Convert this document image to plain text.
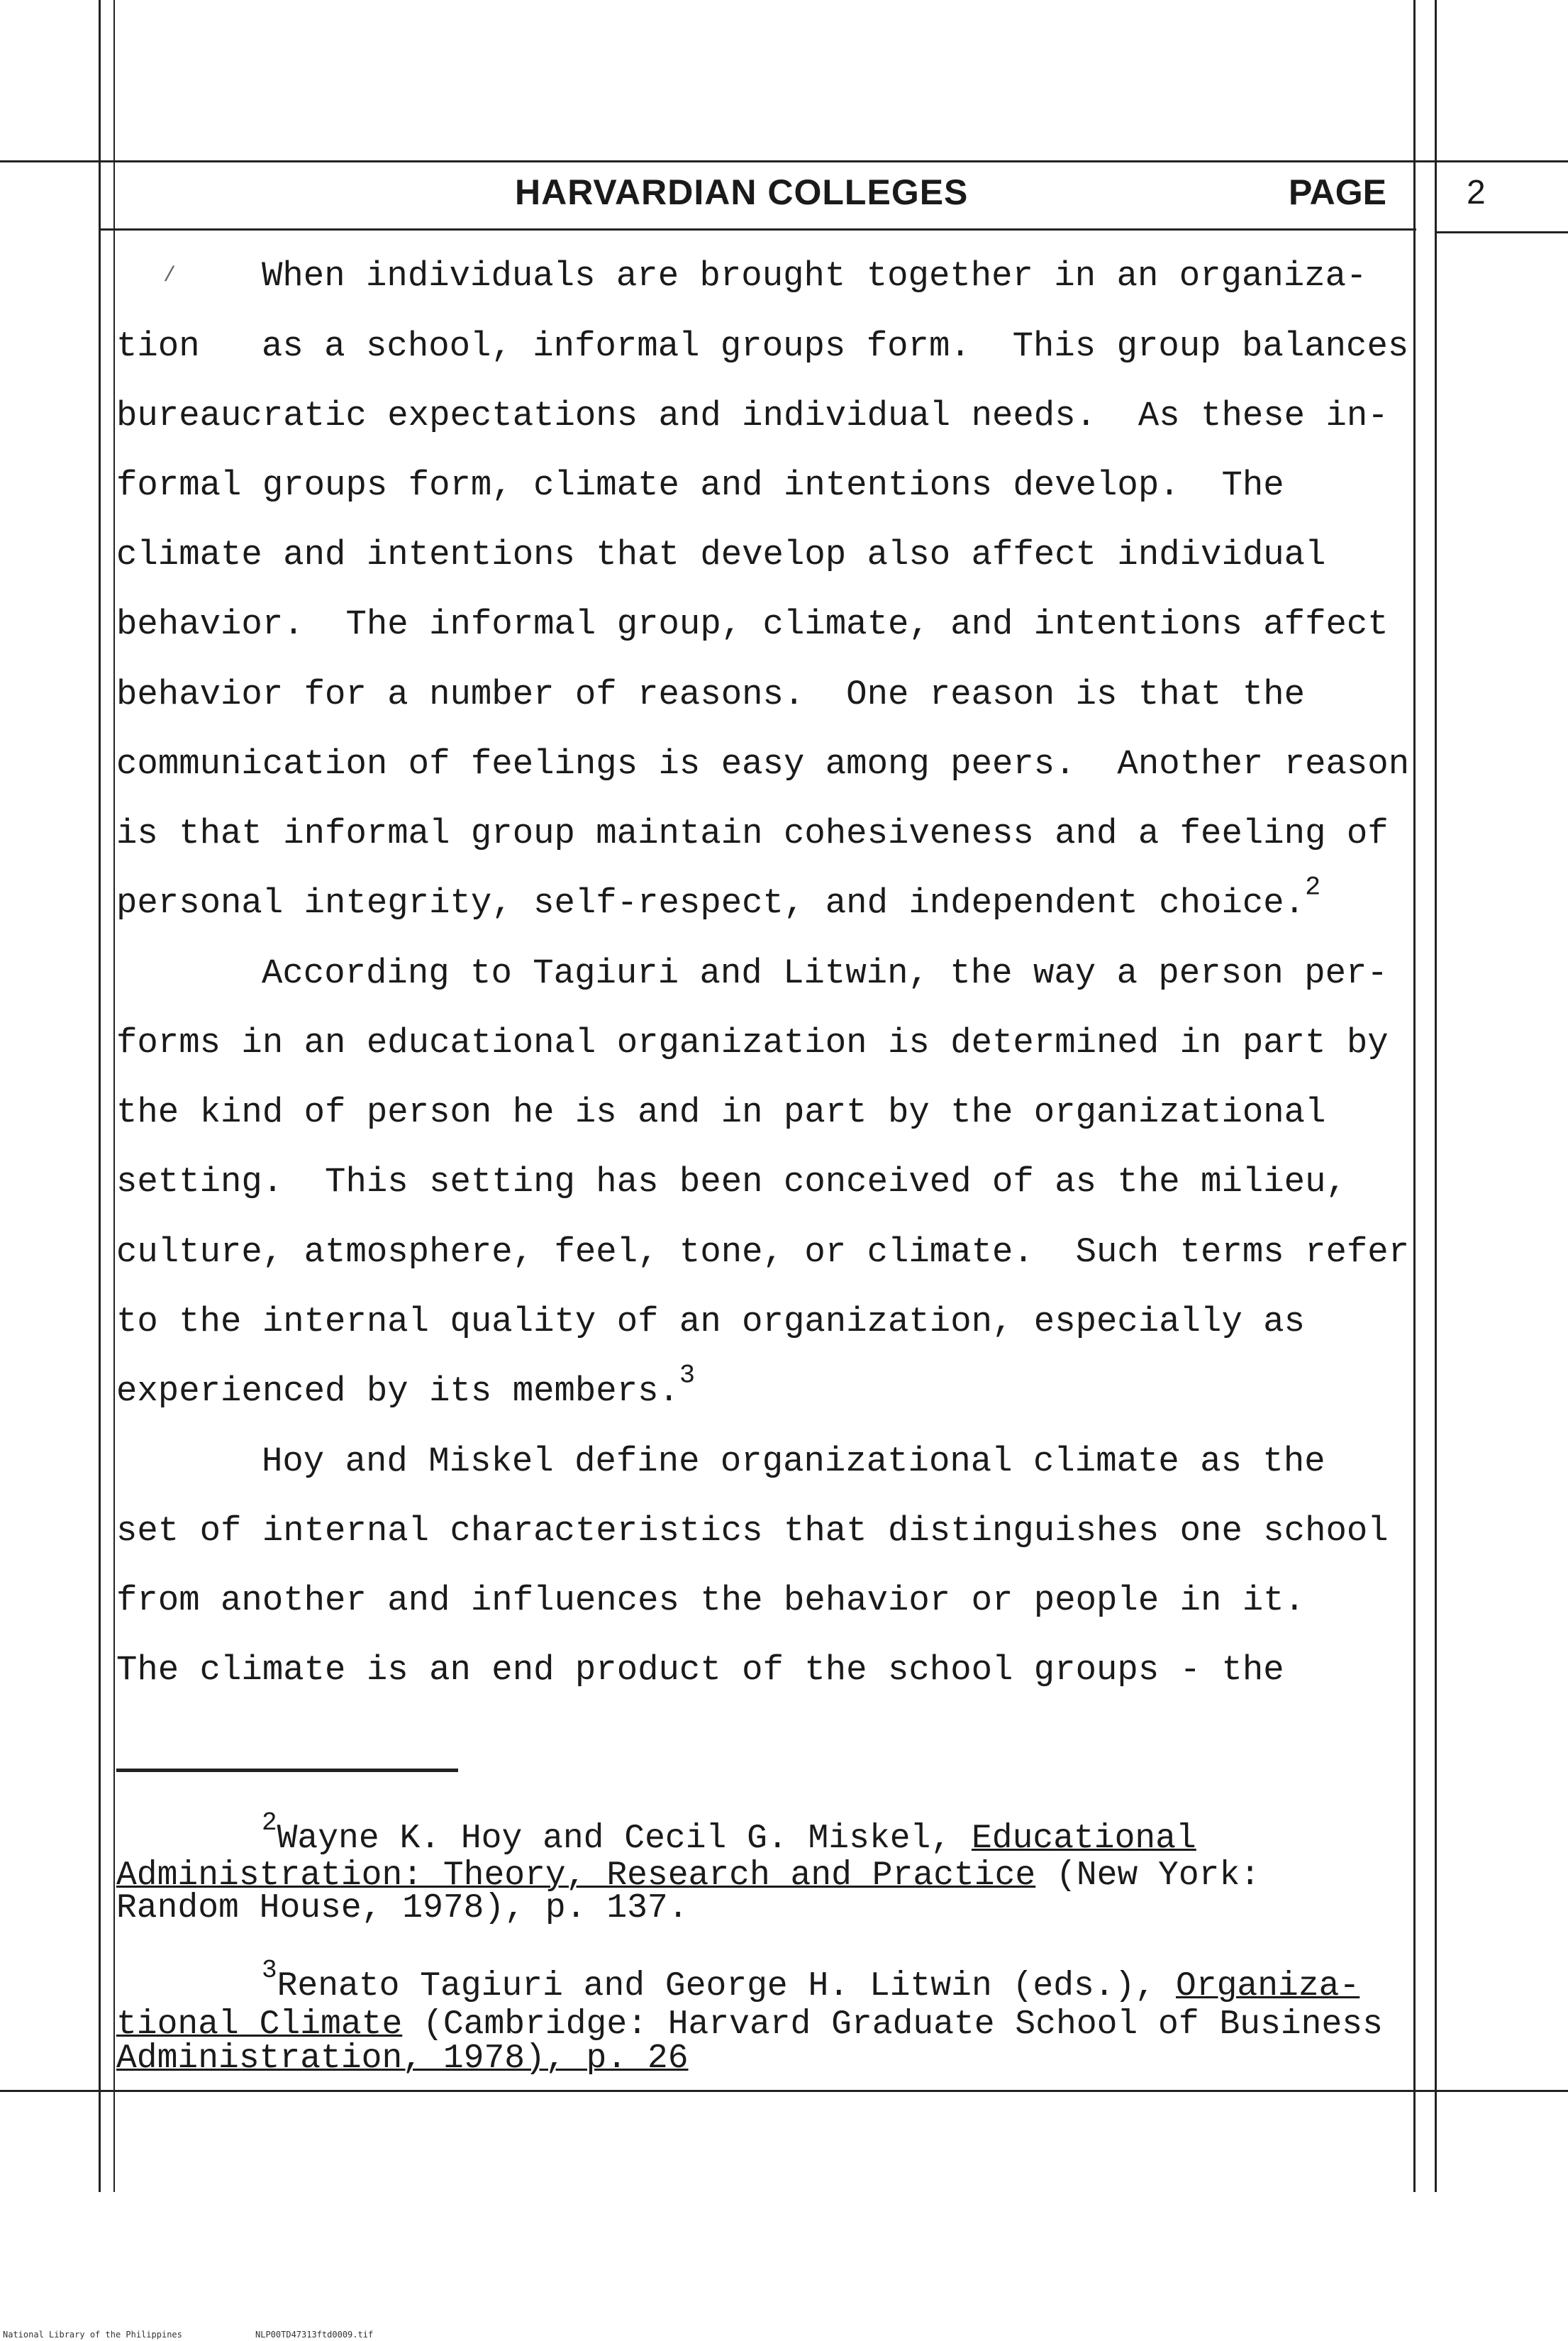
HARVARDIAN COLLEGES	PAGE 2
/ When individuals are brought together in an organiza-
tion as a school, informal groups form.  This group balances
bureaucratic expectations and individual needs.  As these in-
formal groups form, climate and intentions develop.  The
climate and intentions that develop also affect individual
behavior.  The informal group, climate, and intentions affect
behavior for a number of reasons.  One reason is that the
communication of feelings is easy among peers.  Another reason
is that informal group maintain cohesiveness and a feeling of
personal integrity, self-respect, and independent choice.$^2$
According to Tagiuri and Litwin, the way a person per-
forms in an educational organization is determined in part by
the kind of person he is and in part by the organizational
setting.  This setting has been conceived of as the milieu,
culture, atmosphere, feel, tone, or climate.  Such terms refer
to the internal quality of an organization, especially as
experienced by its members.$^3$
Hoy and Miskel define organizational climate as the
set of internal characteristics that distinguishes one school
from another and influences the behavior or people in it.
The climate is an end product of the school groups - the
$^2$Wayne K. Hoy and Cecil G. Miskel, Educational
Administration: Theory, Research and Practice (New York:
Random House, 1978), p. 137.
$^3$Renato Tagiuri and George H. Litwin (eds.), Organiza-
tional Climate (Cambridge: Harvard Graduate School of Business
Administration, 1978), p. 26
National Library of the Philippines	NLP00TD47313ftd0009.tif
